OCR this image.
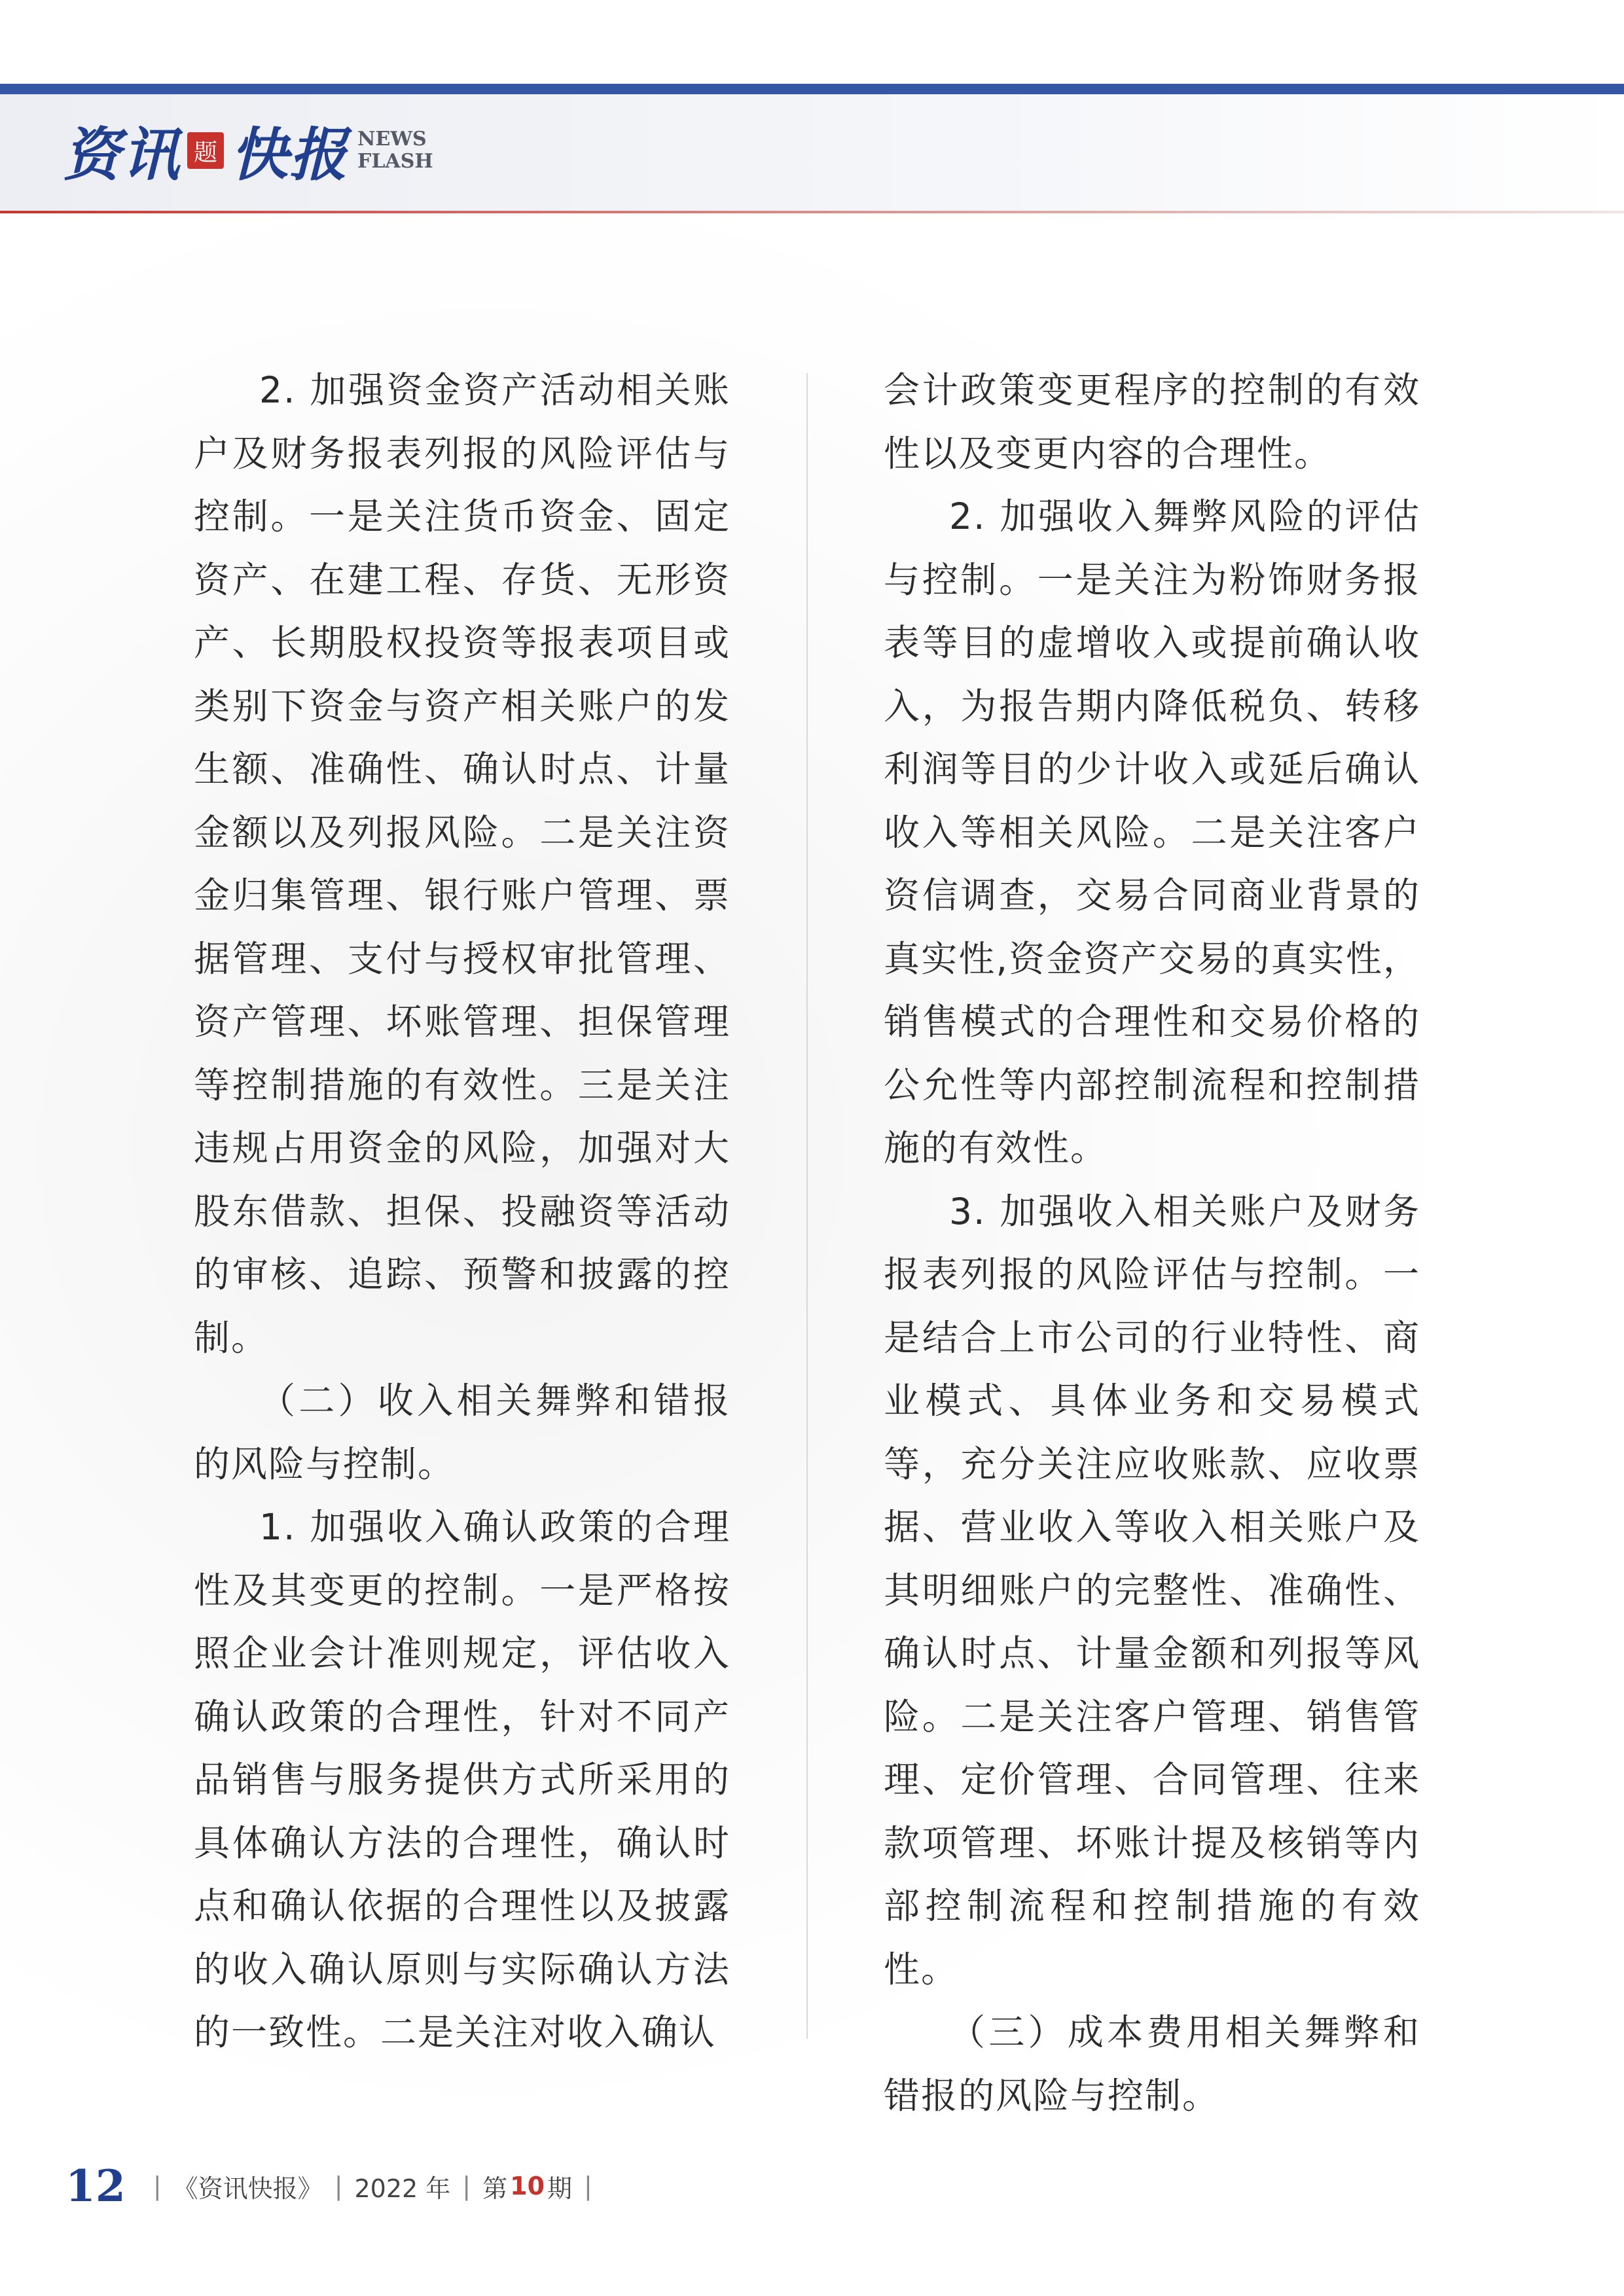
资讯 题 快报 NEWS
FLASH

2. 加强资金资产活动相关账户及财务报表列报的风险评估与控制。一是关注货币资金、固定资产、在建工程、存货、无形资产、长期股权投资等报表项目或类别下资金与资产相关账户的发生额、准确性、确认时点、计量金额以及列报风险。二是关注资金归集管理、银行账户管理、票据管理、支付与授权审批管理、资产管理、坏账管理、担保管理等控制措施的有效性。三是关注违规占用资金的风险，加强对大股东借款、担保、投融资等活动的审核、追踪、预警和披露的控制。

（二）收入相关舞弊和错报的风险与控制。

1. 加强收入确认政策的合理性及其变更的控制。一是严格按照企业会计准则规定，评估收入确认政策的合理性，针对不同产品销售与服务提供方式所采用的具体确认方法的合理性，确认时点和确认依据的合理性以及披露的收入确认原则与实际确认方法的一致性。二是关注对收入确认

会计政策变更程序的控制的有效性以及变更内容的合理性。

2. 加强收入舞弊风险的评估与控制。一是关注为粉饰财务报表等目的虚增收入或提前确认收入，为报告期内降低税负、转移利润等目的少计收入或延后确认收入等相关风险。二是关注客户资信调查，交易合同商业背景的真实性,资金资产交易的真实性，销售模式的合理性和交易价格的公允性等内部控制流程和控制措施的有效性。

3. 加强收入相关账户及财务报表列报的风险评估与控制。一是结合上市公司的行业特性、商业模式、具体业务和交易模式等，充分关注应收账款、应收票据、营业收入等收入相关账户及其明细账户的完整性、准确性、确认时点、计量金额和列报等风险。二是关注客户管理、销售管理、定价管理、合同管理、往来款项管理、坏账计提及核销等内部控制流程和控制措施的有效性。

（三）成本费用相关舞弊和错报的风险与控制。

12 | 《资讯快报》 | 2022 年 | 第 10 期 |
